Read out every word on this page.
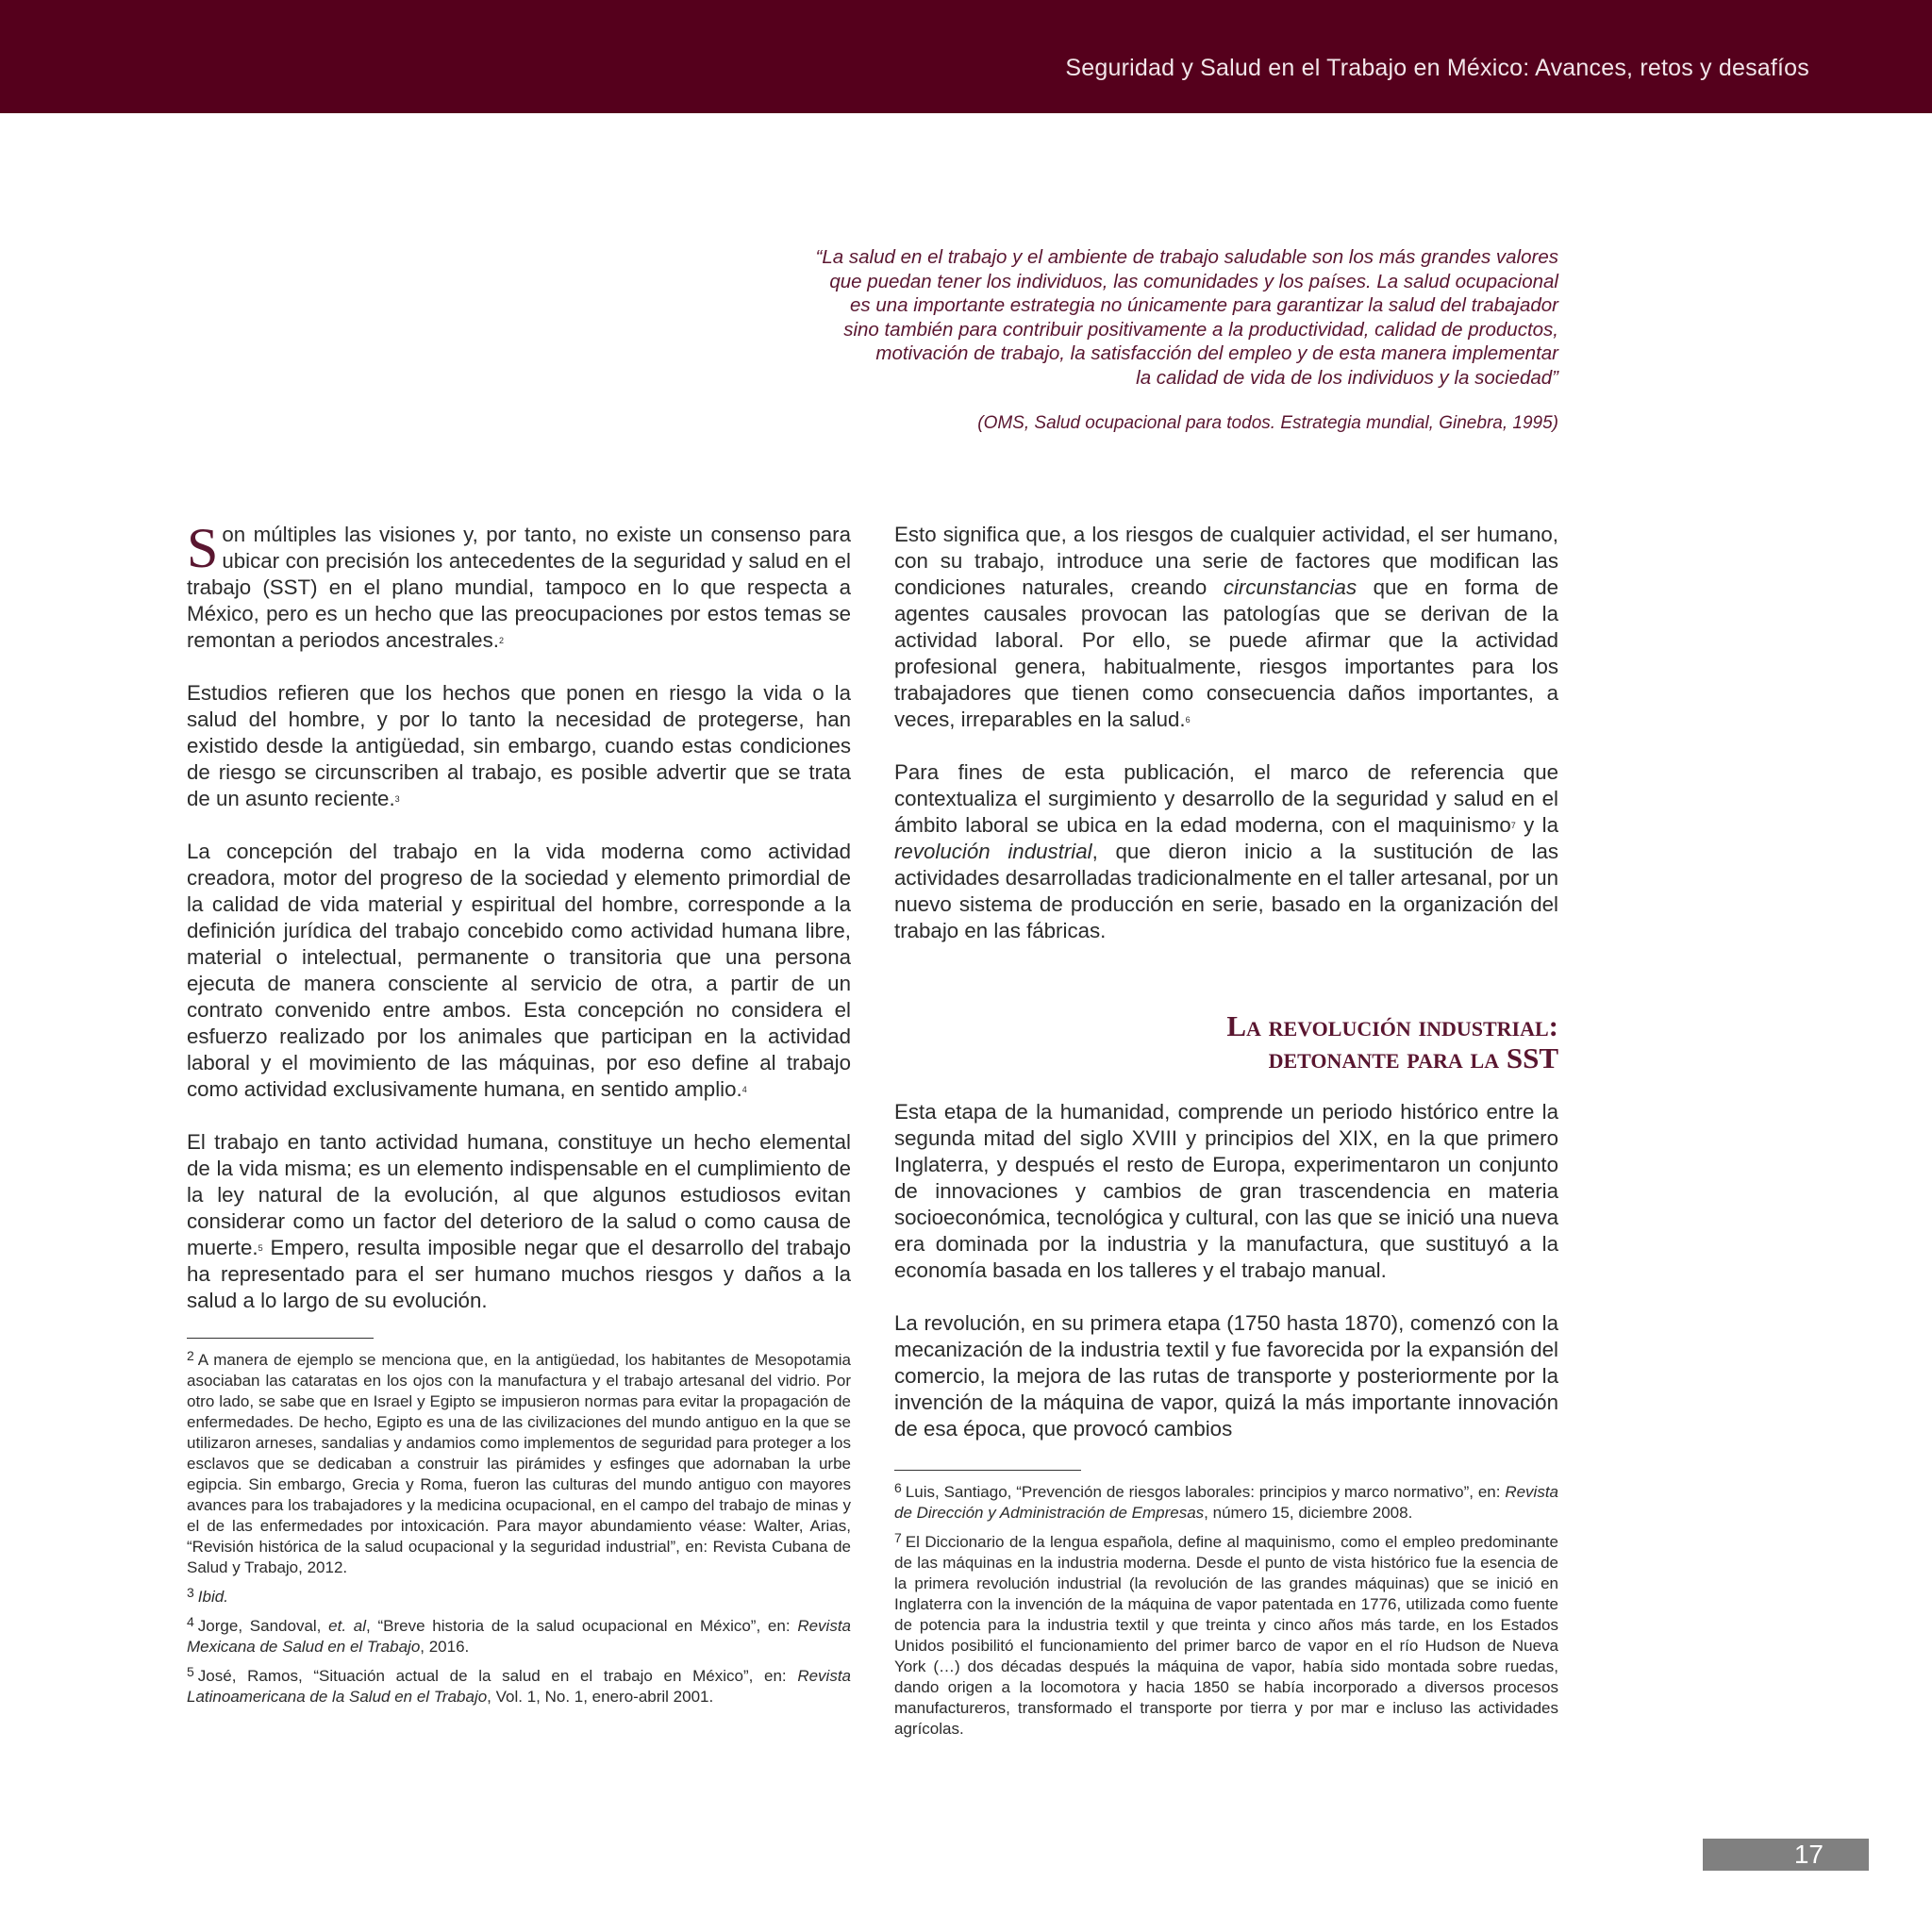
Seguridad y Salud en el Trabajo en México: Avances, retos y desafíos
“La salud en el trabajo y el ambiente de trabajo saludable son los más grandes valores
que puedan tener los individuos, las comunidades y los países. La salud ocupacional
es una importante estrategia no únicamente para garantizar la salud del trabajador
sino también para contribuir positivamente a la productividad, calidad de productos,
motivación de trabajo, la satisfacción del empleo y de esta manera implementar
la calidad de vida de los individuos y la sociedad”
(OMS, Salud ocupacional para todos. Estrategia mundial, Ginebra, 1995)

Son múltiples las visiones y, por tanto, no existe un consenso para ubicar con precisión los antecedentes de la seguridad y salud en el trabajo (SST) en el plano mundial, tampoco en lo que respecta a México, pero es un hecho que las preocupaciones por estos temas se remontan a periodos ancestrales.$^2$

Estudios refieren que los hechos que ponen en riesgo la vida o la salud del hombre, y por lo tanto la necesidad de protegerse, han existido desde la antigüedad, sin embargo, cuando estas condiciones de riesgo se circunscriben al trabajo, es posible advertir que se trata de un asunto reciente.$^3$

La concepción del trabajo en la vida moderna como actividad creadora, motor del progreso de la sociedad y elemento primordial de la calidad de vida material y espiritual del hombre, corresponde a la definición jurídica del trabajo concebido como actividad humana libre, material o intelectual, permanente o transitoria que una persona ejecuta de manera consciente al servicio de otra, a partir de un contrato convenido entre ambos. Esta concepción no considera el esfuerzo realizado por los animales que participan en la actividad laboral y el movimiento de las máquinas, por eso define al trabajo como actividad exclusivamente humana, en sentido amplio.$^4$

El trabajo en tanto actividad humana, constituye un hecho elemental de la vida misma; es un elemento indispensable en el cumplimiento de la ley natural de la evolución, al que algunos estudiosos evitan considerar como un factor del deterioro de la salud o como causa de muerte.$^5$ Empero, resulta imposible negar que el desarrollo del trabajo ha representado para el ser humano muchos riesgos y daños a la salud a lo largo de su evolución.

$^2$ A manera de ejemplo se menciona que, en la antigüedad, los habitantes de Mesopotamia asociaban las cataratas en los ojos con la manufactura y el trabajo artesanal del vidrio. Por otro lado, se sabe que en Israel y Egipto se impusieron normas para evitar la propagación de enfermedades. De hecho, Egipto es una de las civilizaciones del mundo antiguo en la que se utilizaron arneses, sandalias y andamios como implementos de seguridad para proteger a los esclavos que se dedicaban a construir las pirámides y esfinges que adornaban la urbe egipcia. Sin embargo, Grecia y Roma, fueron las culturas del mundo antiguo con mayores avances para los trabajadores y la medicina ocupacional, en el campo del trabajo de minas y el de las enfermedades por intoxicación. Para mayor abundamiento véase: Walter, Arias, “Revisión histórica de la salud ocupacional y la seguridad industrial”, en: Revista Cubana de Salud y Trabajo, 2012.

$^3$ Ibid.

$^4$ Jorge, Sandoval, et. al, “Breve historia de la salud ocupacional en México”, en: Revista Mexicana de Salud en el Trabajo, 2016.

$^5$ José, Ramos, “Situación actual de la salud en el trabajo en México”, en: Revista Latinoamericana de la Salud en el Trabajo, Vol. 1, No. 1, enero-abril 2001.

Esto significa que, a los riesgos de cualquier actividad, el ser humano, con su trabajo, introduce una serie de factores que modifican las condiciones naturales, creando circunstancias que en forma de agentes causales provocan las patologías que se derivan de la actividad laboral. Por ello, se puede afirmar que la actividad profesional genera, habitualmente, riesgos importantes para los trabajadores que tienen como consecuencia daños importantes, a veces, irreparables en la salud.$^6$

Para fines de esta publicación, el marco de referencia que contextualiza el surgimiento y desarrollo de la seguridad y salud en el ámbito laboral se ubica en la edad moderna, con el maquinismo$^7$ y la revolución industrial, que dieron inicio a la sustitución de las actividades desarrolladas tradicionalmente en el taller artesanal, por un nuevo sistema de producción en serie, basado en la organización del trabajo en las fábricas.

La revolución industrial:
detonante para la SST

Esta etapa de la humanidad, comprende un periodo histórico entre la segunda mitad del siglo XVIII y principios del XIX, en la que primero Inglaterra, y después el resto de Europa, experimentaron un conjunto de innovaciones y cambios de gran trascendencia en materia socioeconómica, tecnológica y cultural, con las que se inició una nueva era dominada por la industria y la manufactura, que sustituyó a la economía basada en los talleres y el trabajo manual.

La revolución, en su primera etapa (1750 hasta 1870), comenzó con la mecanización de la industria textil y fue favorecida por la expansión del comercio, la mejora de las rutas de transporte y posteriormente por la invención de la máquina de vapor, quizá la más importante innovación de esa época, que provocó cambios

$^6$ Luis, Santiago, “Prevención de riesgos laborales: principios y marco normativo”, en: Revista de Dirección y Administración de Empresas, número 15, diciembre 2008.

$^7$ El Diccionario de la lengua española, define al maquinismo, como el empleo predominante de las máquinas en la industria moderna. Desde el punto de vista histórico fue la esencia de la primera revolución industrial (la revolución de las grandes máquinas) que se inició en Inglaterra con la invención de la máquina de vapor patentada en 1776, utilizada como fuente de potencia para la industria textil y que treinta y cinco años más tarde, en los Estados Unidos posibilitó el funcionamiento del primer barco de vapor en el río Hudson de Nueva York (…) dos décadas después la máquina de vapor, había sido montada sobre ruedas, dando origen a la locomotora y hacia 1850 se había incorporado a diversos procesos manufactureros, transformado el transporte por tierra y por mar e incluso las actividades agrícolas.

17
